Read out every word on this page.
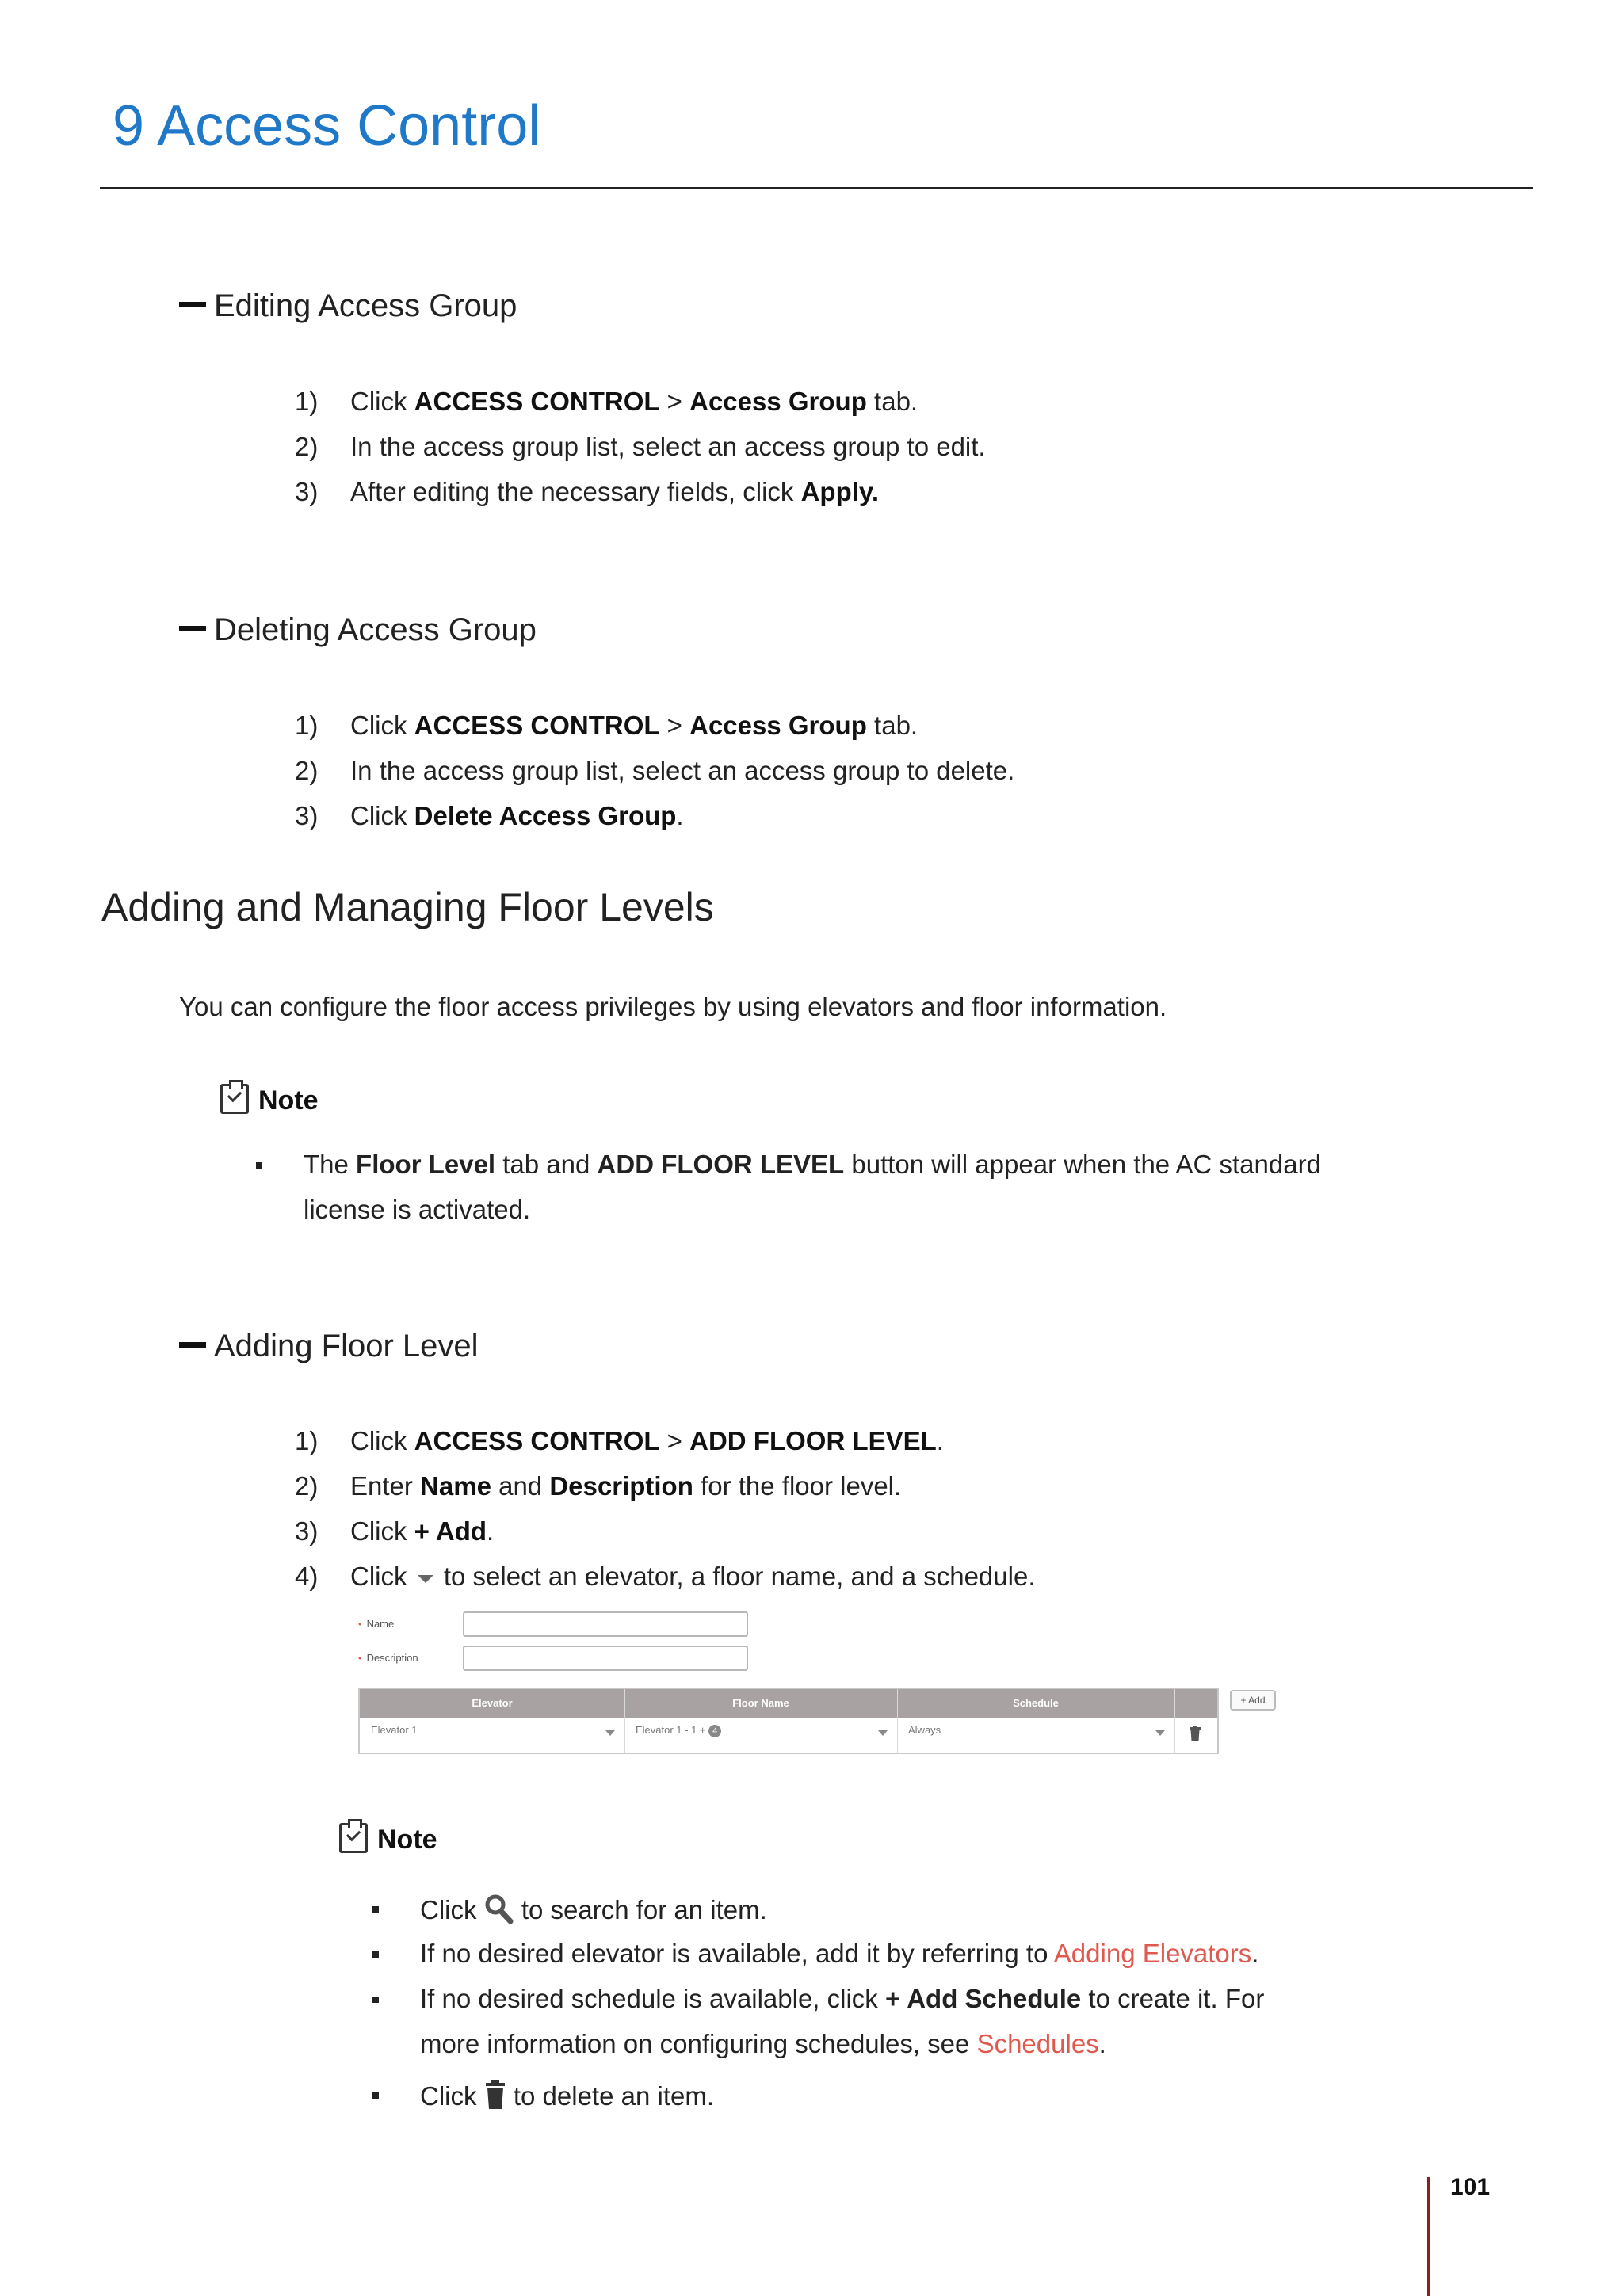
9 Access Control
Editing Access Group
1) Click ACCESS CONTROL > Access Group tab.
2) In the access group list, select an access group to edit.
3) After editing the necessary fields, click Apply.
Deleting Access Group
1) Click ACCESS CONTROL > Access Group tab.
2) In the access group list, select an access group to delete.
3) Click Delete Access Group.
Adding and Managing Floor Levels
You can configure the floor access privileges by using elevators and floor information.
Note
The Floor Level tab and ADD FLOOR LEVEL button will appear when the AC standard
license is activated.
Adding Floor Level
1) Click ACCESS CONTROL > ADD FLOOR LEVEL.
2) Enter Name and Description for the floor level.
3) Click + Add.
4) Click  to select an elevator, a floor name, and a schedule.
• Name
• Description
Elevator	Floor Name	Schedule
Elevator 1	Elevator 1 - 1 + 4	Always
+ Add
Note
Click  to search for an item.
If no desired elevator is available, add it by referring to Adding Elevators.
If no desired schedule is available, click + Add Schedule to create it. For
more information on configuring schedules, see Schedules.
Click  to delete an item.
101
